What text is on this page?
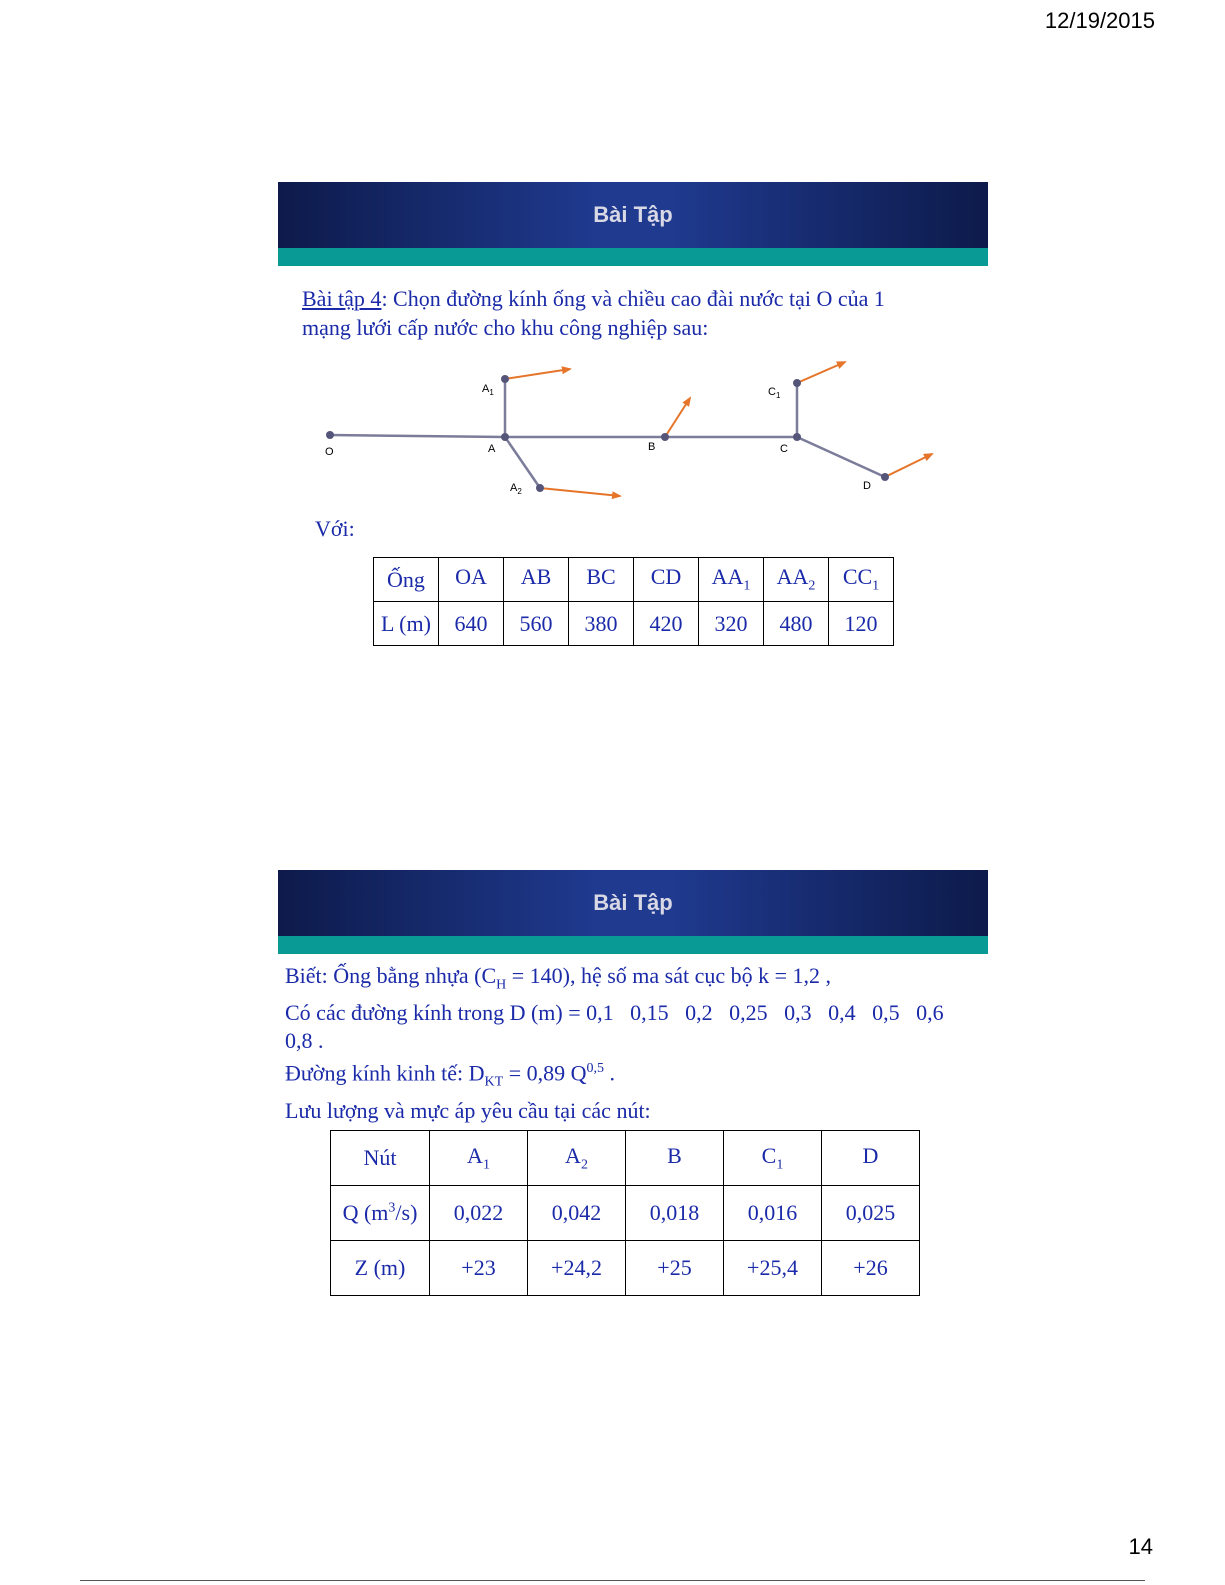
12/19/2015
Bài Tập
Bài tập 4: Chọn đường kính ống và chiều cao đài nước tại O của 1
mạng lưới cấp nước cho khu công nghiệp sau:
O	A	B	C
D
$A_1$
$A_2$
$C_1$
Với:
Ống	OA	AB	BC	CD	$AA_1$	$AA_2$	$CC_1$
L (m)	640	560	380	420	320	480	120
Bài Tập
Biết: Ống bằng nhựa $(C_H = 140)$, hệ số ma sát cục bộ k = 1,2 ,
Có các đường kính trong D (m) = 0,1   0,15   0,2   0,25   0,3   0,4   0,5   0,6
0,8 .
Đường kính kinh tế: $D_{KT} = 0,89$ Q$^{0,5}$ .
Lưu lượng và mực áp yêu cầu tại các nút:
Nút	$A_1$	$A_2$	B	$C_1$	D
Q $(m^3/s)$	0,022	0,042	0,018	0,016	0,025
Z (m)	+23	+24,2	+25	+25,4	+26
14
